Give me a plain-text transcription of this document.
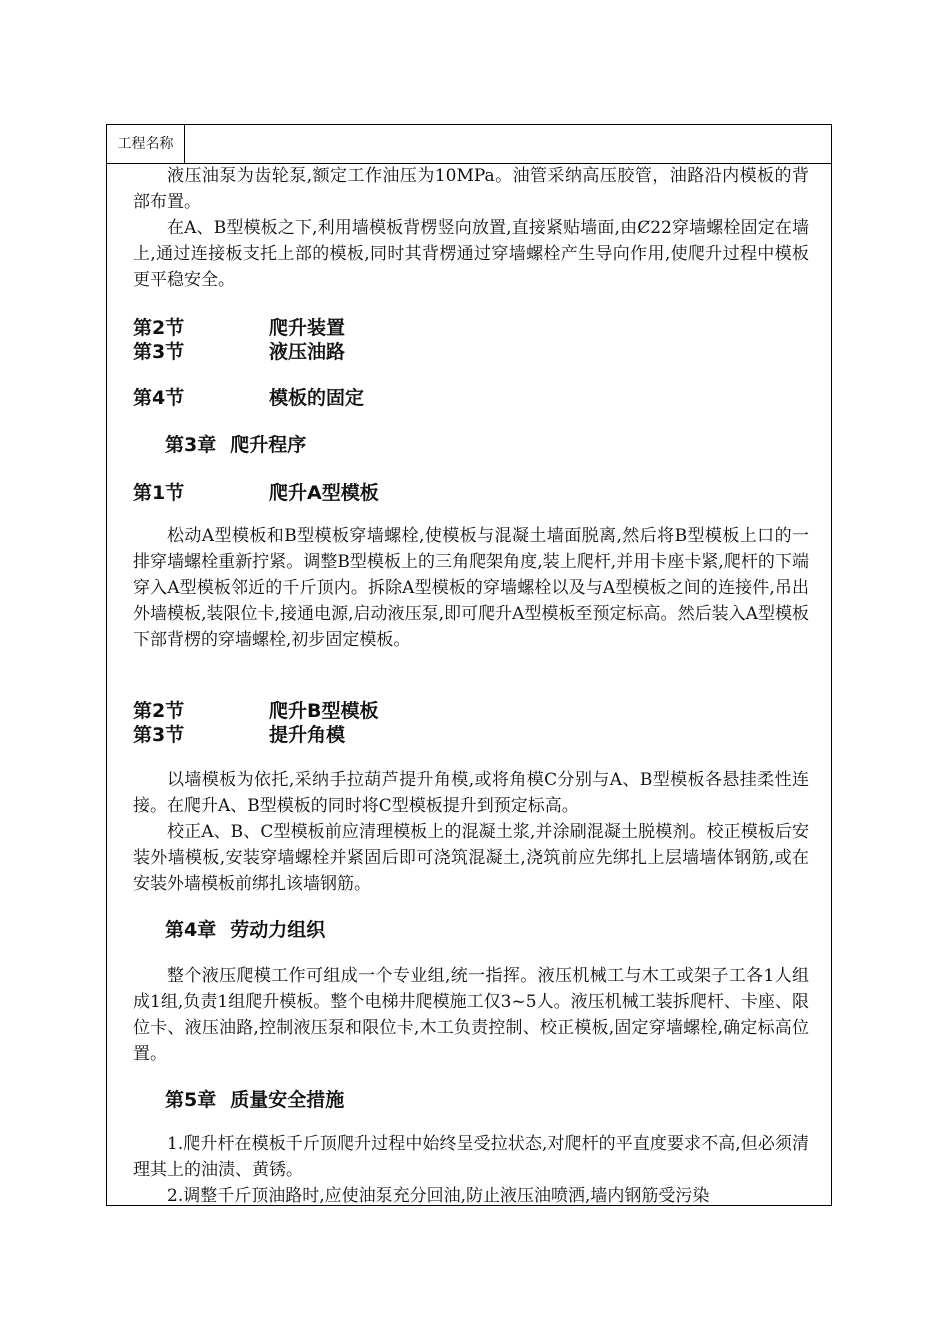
工程名称

液压油泵为齿轮泵,额定工作油压为10MPa。油管采纳高压胶管，油路沿内模板的背部布置。

在A、B型模板之下,利用墙模板背楞竖向放置,直接紧贴墙面,由Ȼ22穿墙螺栓固定在墙上,通过连接板支托上部的模板,同时其背楞通过穿墙螺栓产生导向作用,使爬升过程中模板更平稳安全。

第2节	爬升装置
第3节	液压油路
第4节	模板的固定
第3章 爬升程序
第1节	爬升A型模板

松动A型模板和B型模板穿墙螺栓,使模板与混凝土墙面脱离,然后将B型模板上口的一排穿墙螺栓重新拧紧。调整B型模板上的三角爬架角度,装上爬杆,并用卡座卡紧,爬杆的下端穿入A型模板邻近的千斤顶内。拆除A型模板的穿墙螺栓以及与A型模板之间的连接件,吊出外墙模板,装限位卡,接通电源,启动液压泵,即可爬升A型模板至预定标高。然后装入A型模板下部背楞的穿墙螺栓,初步固定模板。

第2节	爬升B型模板
第3节	提升角模

以墙模板为依托,采纳手拉葫芦提升角模,或将角模C分别与A、B型模板各悬挂柔性连接。在爬升A、B型模板的同时将C型模板提升到预定标高。

校正A、B、C型模板前应清理模板上的混凝土浆,并涂刷混凝土脱模剂。校正模板后安装外墙模板,安装穿墙螺栓并紧固后即可浇筑混凝土,浇筑前应先绑扎上层墙墙体钢筋,或在安装外墙模板前绑扎该墙钢筋。

第4章 劳动力组织

整个液压爬模工作可组成一个专业组,统一指挥。液压机械工与木工或架子工各1人组成1组,负责1组爬升模板。整个电梯井爬模施工仅3~5人。液压机械工装拆爬杆、卡座、限位卡、液压油路,控制液压泵和限位卡,木工负责控制、校正模板,固定穿墙螺栓,确定标高位置。

第5章 质量安全措施

1.爬升杆在模板千斤顶爬升过程中始终呈受拉状态,对爬杆的平直度要求不高,但必须清理其上的油渍、黄锈。

2.调整千斤顶油路时,应使油泵充分回油,防止液压油喷洒,墙内钢筋受污染
